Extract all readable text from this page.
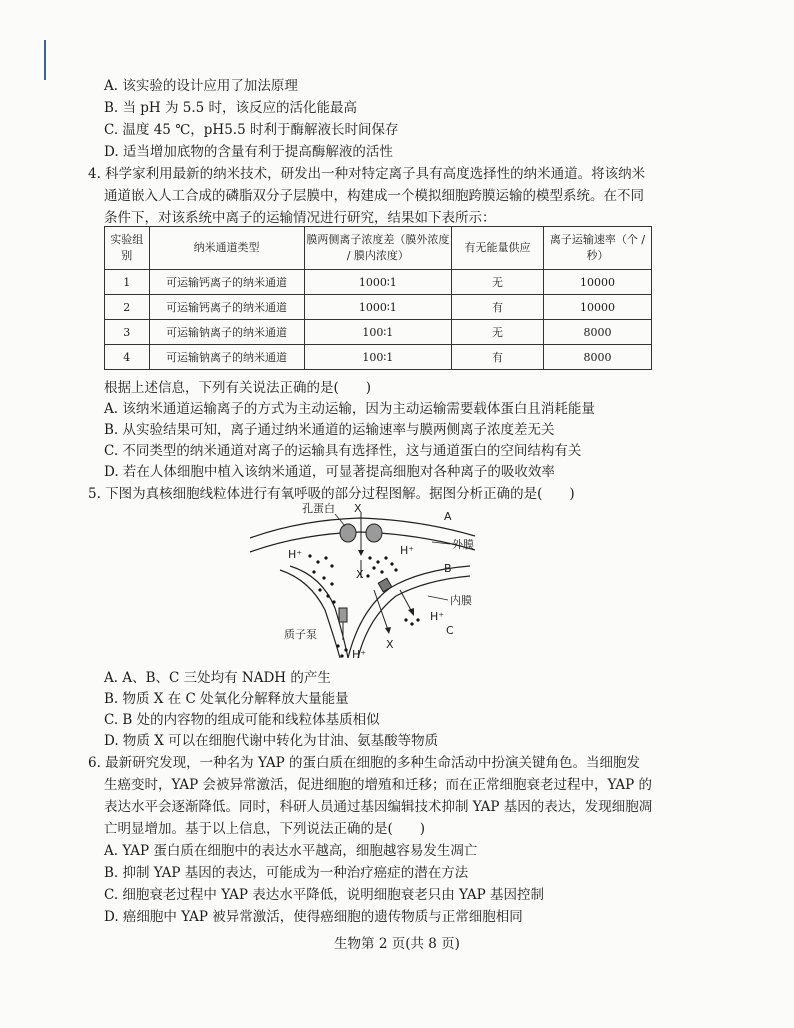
A. 该实验的设计应用了加法原理
B. 当 pH 为 5.5 时，该反应的活化能最高
C. 温度 45 ℃，pH5.5 时利于酶解液长时间保存
D. 适当增加底物的含量有利于提高酶解液的活性
4. 科学家利用最新的纳米技术，研发出一种对特定离子具有高度选择性的纳米通道。将该纳米
通道嵌入人工合成的磷脂双分子层膜中，构建成一个模拟细胞跨膜运输的模型系统。在不同
条件下，对该系统中离子的运输情况进行研究，结果如下表所示：
实验组别	纳米通道类型	膜两侧离子浓度差（膜外浓度 / 膜内浓度）	有无能量供应	离子运输速率（个 / 秒）
1	可运输钙离子的纳米通道	1000∶1	无	10000
2	可运输钙离子的纳米通道	1000∶1	有	10000
3	可运输钠离子的纳米通道	100∶1	无	8000
4	可运输钠离子的纳米通道	100∶1	有	8000
根据上述信息，下列有关说法正确的是(　　)
A. 该纳米通道运输离子的方式为主动运输，因为主动运输需要载体蛋白且消耗能量
B. 从实验结果可知，离子通过纳米通道的运输速率与膜两侧离子浓度差无关
C. 不同类型的纳米通道对离子的运输具有选择性，这与通道蛋白的空间结构有关
D. 若在人体细胞中植入该纳米通道，可显著提高细胞对各种离子的吸收效率
5. 下图为真核细胞线粒体进行有氧呼吸的部分过程图解。据图分析正确的是(　　)
孔蛋白 X
A
外膜
H⁺	H⁺
X	B
内膜
H⁺
X
C
质子泵
H⁺
A. A、B、C 三处均有 NADH 的产生
B. 物质 X 在 C 处氧化分解释放大量能量
C. B 处的内容物的组成可能和线粒体基质相似
D. 物质 X 可以在细胞代谢中转化为甘油、氨基酸等物质
6. 最新研究发现，一种名为 YAP 的蛋白质在细胞的多种生命活动中扮演关键角色。当细胞发
生癌变时，YAP 会被异常激活，促进细胞的增殖和迁移；而在正常细胞衰老过程中，YAP 的
表达水平会逐渐降低。同时，科研人员通过基因编辑技术抑制 YAP 基因的表达，发现细胞凋
亡明显增加。基于以上信息，下列说法正确的是(　　)
A. YAP 蛋白质在细胞中的表达水平越高，细胞越容易发生凋亡
B. 抑制 YAP 基因的表达，可能成为一种治疗癌症的潜在方法
C. 细胞衰老过程中 YAP 表达水平降低，说明细胞衰老只由 YAP 基因控制
D. 癌细胞中 YAP 被异常激活，使得癌细胞的遗传物质与正常细胞相同
生物第 2 页(共 8 页)
